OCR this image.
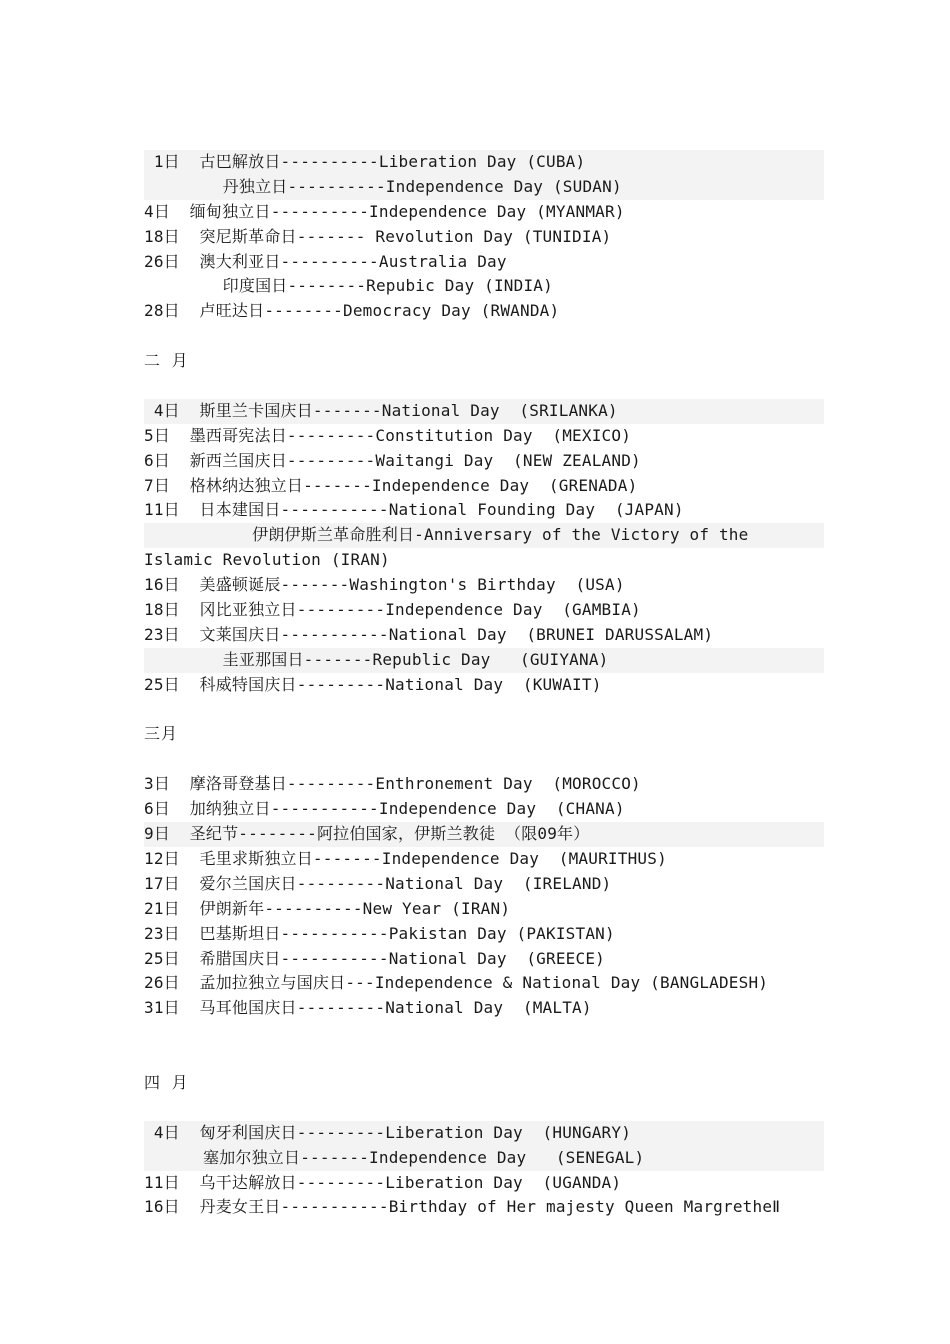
1日  古巴解放日----------Liberation Day (CUBA)
丹独立日----------Independence Day (SUDAN)
4日  缅甸独立日----------Independence Day (MYANMAR)
18日  突尼斯革命日------- Revolution Day (TUNIDIA)
26日  澳大利亚日----------Australia Day
印度国日--------Repubic Day (INDIA)
28日  卢旺达日--------Democracy Day (RWANDA)
二 月
4日  斯里兰卡国庆日-------National Day  (SRILANKA)
5日  墨西哥宪法日---------Constitution Day  (MEXICO)
6日  新西兰国庆日---------Waitangi Day  (NEW ZEALAND)
7日  格林纳达独立日-------Independence Day  (GRENADA)
11日  日本建国日-----------National Founding Day  (JAPAN)
伊朗伊斯兰革命胜利日-Anniversary of the Victory of the
Islamic Revolution (IRAN)
16日  美盛顿诞辰-------Washington's Birthday  (USA)
18日  冈比亚独立日---------Independence Day  (GAMBIA)
23日  文莱国庆日-----------National Day  (BRUNEI DARUSSALAM)
圭亚那国日-------Republic Day   (GUIYANA)
25日  科威特国庆日---------National Day  (KUWAIT)
三月
3日  摩洛哥登基日---------Enthronement Day  (MOROCCO)
6日  加纳独立日-----------Independence Day  (CHANA)
9日  圣纪节--------阿拉伯国家，伊斯兰教徒 （限09年）
12日  毛里求斯独立日-------Independence Day  (MAURITHUS)
17日  爱尔兰国庆日---------National Day  (IRELAND)
21日  伊朗新年----------New Year (IRAN)
23日  巴基斯坦日-----------Pakistan Day (PAKISTAN)
25日  希腊国庆日-----------National Day  (GREECE)
26日  孟加拉独立与国庆日---Independence & National Day (BANGLADESH)
31日  马耳他国庆日---------National Day  (MALTA)
四 月
4日  匈牙利国庆日---------Liberation Day  (HUNGARY)
塞加尔独立日-------Independence Day   (SENEGAL)
11日  乌干达解放日---------Liberation Day  (UGANDA)
16日  丹麦女王日-----------Birthday of Her majesty Queen MargretheⅡ
